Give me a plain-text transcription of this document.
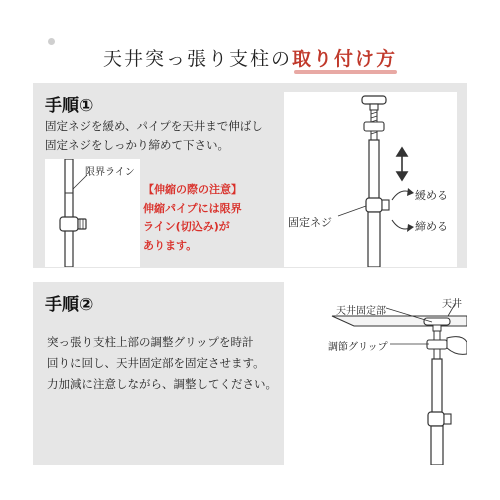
天井突っ張り支柱の取り付け方
手順①
固定ネジを緩め、パイプを天井まで伸ばし
固定ネジをしっかり締めて下さい。
限界ライン
【伸縮の際の注意】
伸縮パイプには限界
ライン(切込み)が
あります。
緩める
締める
固定ネジ
手順②
突っ張り支柱上部の調整グリップを時計
回りに回し、天井固定部を固定させます。
力加減に注意しながら、調整してください。
天井固定部
天井
調節グリップ
